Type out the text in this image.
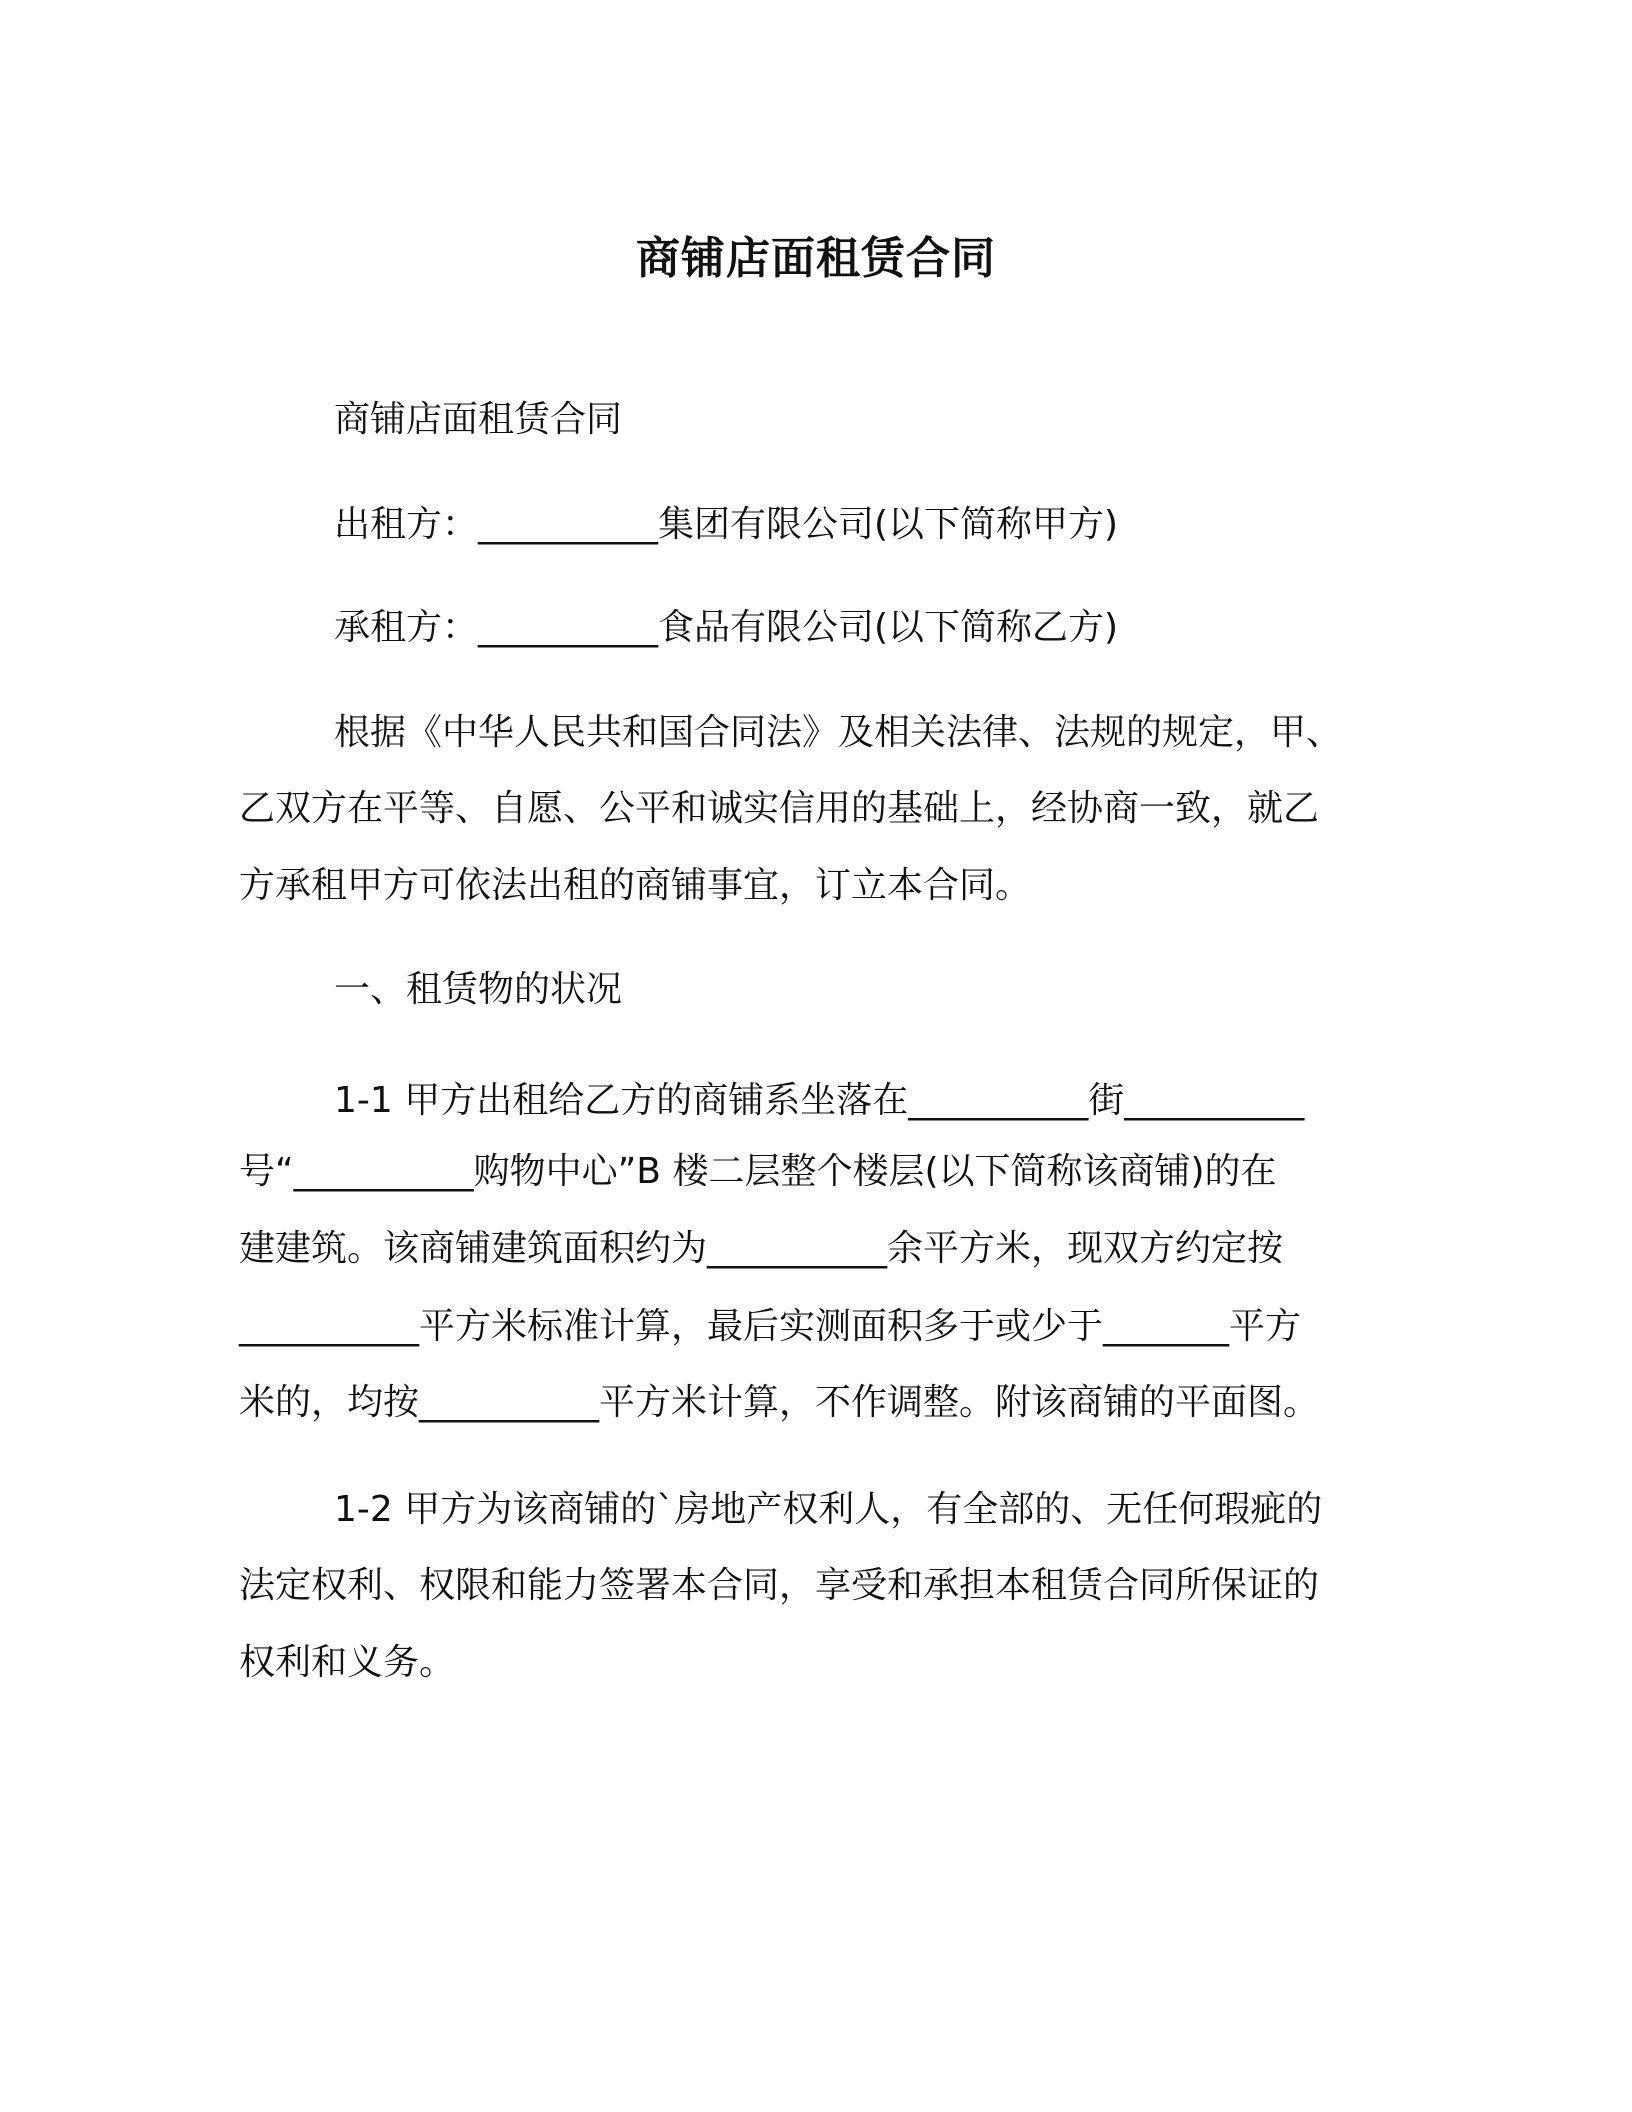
商铺店面租赁合同

商铺店面租赁合同

出租方：__________集团有限公司(以下简称甲方)

承租方：__________食品有限公司(以下简称乙方)

根据《中华人民共和国合同法》及相关法律、法规的规定，甲、

乙双方在平等、自愿、公平和诚实信用的基础上，经协商一致，就乙

方承租甲方可依法出租的商铺事宜，订立本合同。

一、租赁物的状况

1-1 甲方出租给乙方的商铺系坐落在__________街__________

号“__________购物中心”B 楼二层整个楼层(以下简称该商铺)的在

建建筑。该商铺建筑面积约为__________余平方米，现双方约定按

__________平方米标准计算，最后实测面积多于或少于_______平方

米的，均按__________平方米计算，不作调整。附该商铺的平面图。

1-2 甲方为该商铺的`房地产权利人，有全部的、无任何瑕疵的

法定权利、权限和能力签署本合同，享受和承担本租赁合同所保证的

权利和义务。
